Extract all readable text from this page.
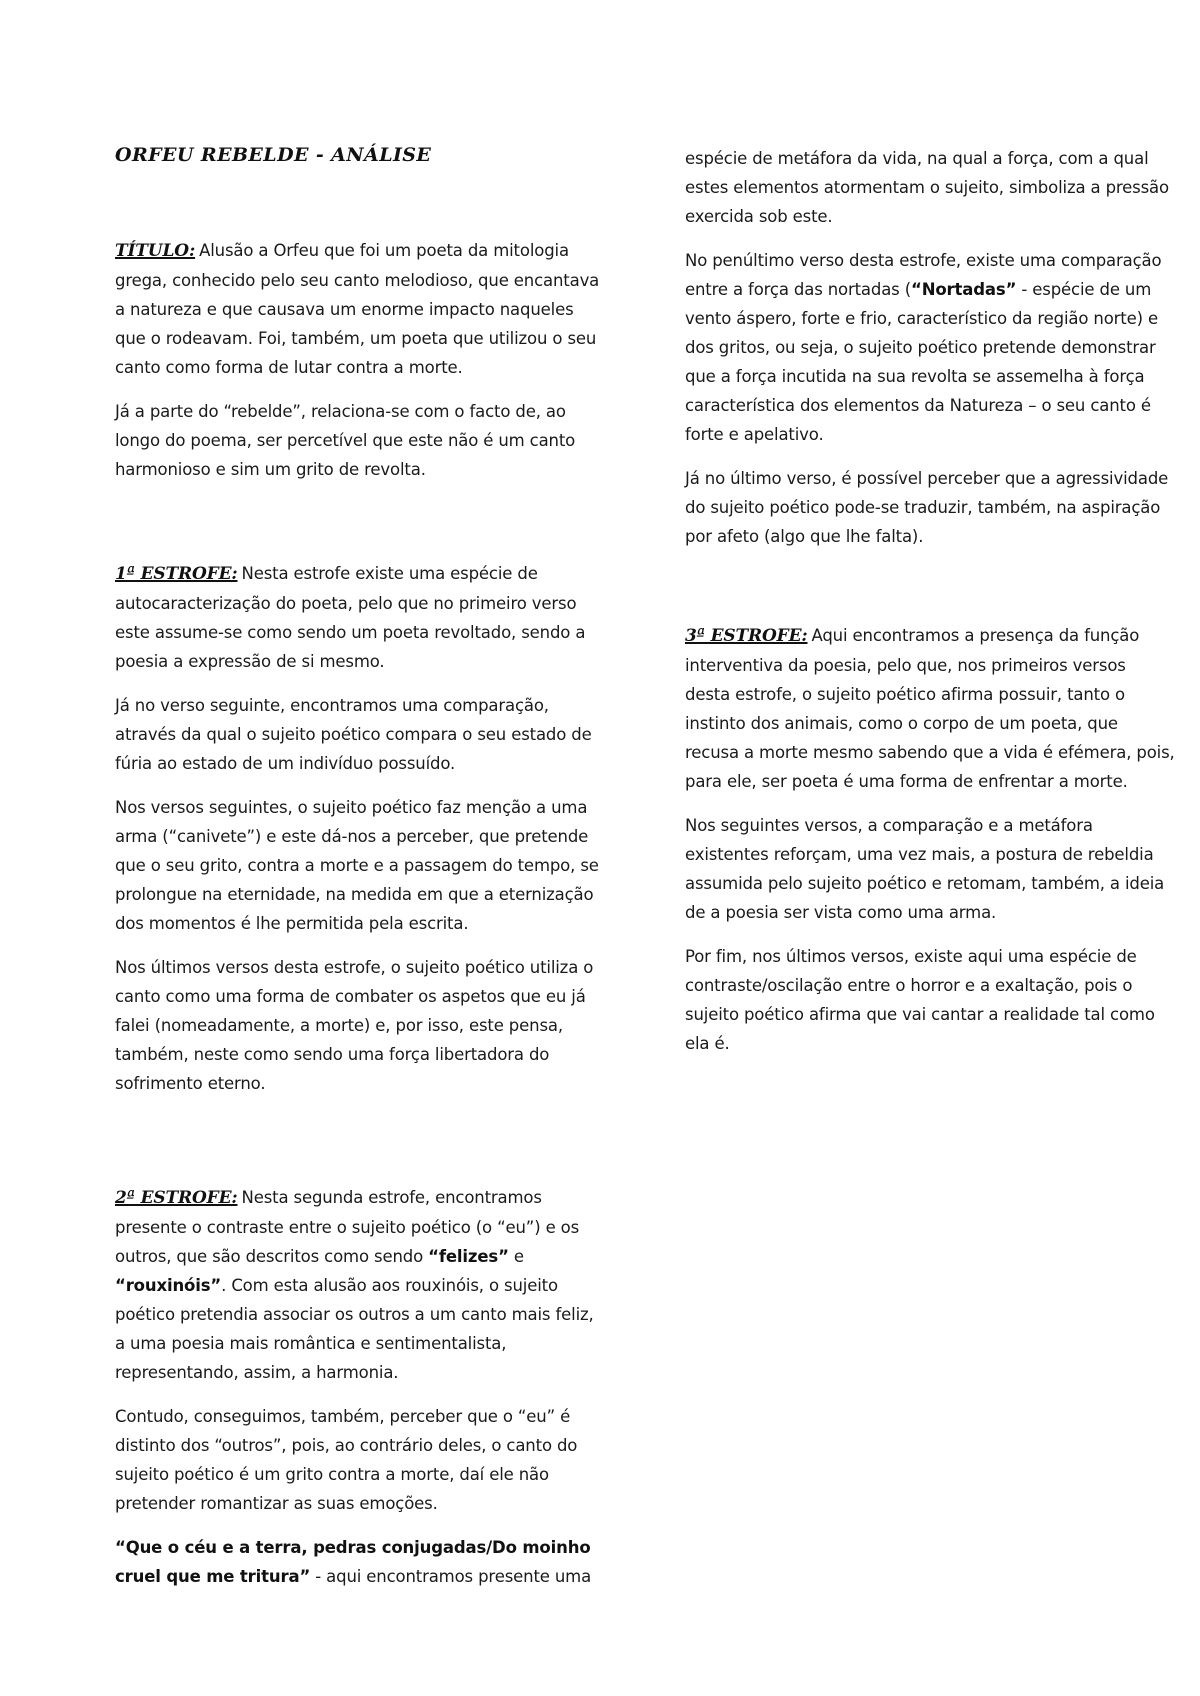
ORFEU REBELDE - ANÁLISE

TÍTULO: Alusão a Orfeu que foi um poeta da mitologia grega, conhecido pelo seu canto melodioso, que encantava a natureza e que causava um enorme impacto naqueles que o rodeavam. Foi, também, um poeta que utilizou o seu canto como forma de lutar contra a morte.

Já a parte do “rebelde”, relaciona-se com o facto de, ao longo do poema, ser percetível que este não é um canto harmonioso e sim um grito de revolta.

1ª ESTROFE: Nesta estrofe existe uma espécie de autocaracterização do poeta, pelo que no primeiro verso este assume-se como sendo um poeta revoltado, sendo a poesia a expressão de si mesmo.

Já no verso seguinte, encontramos uma comparação, através da qual o sujeito poético compara o seu estado de fúria ao estado de um indivíduo possuído.

Nos versos seguintes, o sujeito poético faz menção a uma arma (“canivete”) e este dá-nos a perceber, que pretende que o seu grito, contra a morte e a passagem do tempo, se prolongue na eternidade, na medida em que a eternização dos momentos é lhe permitida pela escrita.

Nos últimos versos desta estrofe, o sujeito poético utiliza o canto como uma forma de combater os aspetos que eu já falei (nomeadamente, a morte) e, por isso, este pensa, também, neste como sendo uma força libertadora do sofrimento eterno.

2ª ESTROFE: Nesta segunda estrofe, encontramos presente o contraste entre o sujeito poético (o “eu”) e os outros, que são descritos como sendo “felizes” e “rouxinóis”. Com esta alusão aos rouxinóis, o sujeito poético pretendia associar os outros a um canto mais feliz, a uma poesia mais romântica e sentimentalista, representando, assim, a harmonia.

Contudo, conseguimos, também, perceber que o “eu” é distinto dos “outros”, pois, ao contrário deles, o canto do sujeito poético é um grito contra a morte, daí ele não pretender romantizar as suas emoções.

“Que o céu e a terra, pedras conjugadas/Do moinho cruel que me tritura” - aqui encontramos presente uma

espécie de metáfora da vida, na qual a força, com a qual estes elementos atormentam o sujeito, simboliza a pressão exercida sob este.

No penúltimo verso desta estrofe, existe uma comparação entre a força das nortadas (“Nortadas” - espécie de um vento áspero, forte e frio, característico da região norte) e dos gritos, ou seja, o sujeito poético pretende demonstrar que a força incutida na sua revolta se assemelha à força característica dos elementos da Natureza – o seu canto é forte e apelativo.

Já no último verso, é possível perceber que a agressividade do sujeito poético pode-se traduzir, também, na aspiração por afeto (algo que lhe falta).

3ª ESTROFE: Aqui encontramos a presença da função interventiva da poesia, pelo que, nos primeiros versos desta estrofe, o sujeito poético afirma possuir, tanto o instinto dos animais, como o corpo de um poeta, que recusa a morte mesmo sabendo que a vida é efémera, pois, para ele, ser poeta é uma forma de enfrentar a morte.

Nos seguintes versos, a comparação e a metáfora existentes reforçam, uma vez mais, a postura de rebeldia assumida pelo sujeito poético e retomam, também, a ideia de a poesia ser vista como uma arma.

Por fim, nos últimos versos, existe aqui uma espécie de contraste/oscilação entre o horror e a exaltação, pois o sujeito poético afirma que vai cantar a realidade tal como ela é.
